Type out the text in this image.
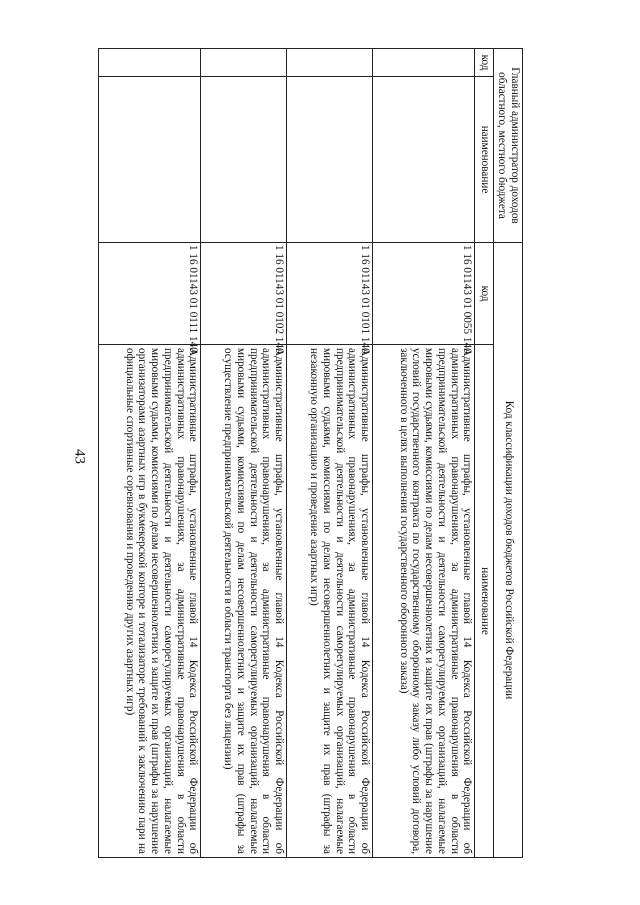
43
Главный администратор доходов областного, местного бюджета		Код классификации доходов бюджетов Российской Федерации	
код	наименование	код	наименование
		1 16 01143 01 0055 140	Административные штрафы, установленные главой 14 Кодекса Российской Федерации об административных правонарушениях, за административные правонарушения в области предпринимательской деятельности и деятельности саморегулируемых организаций, налагаемые мировыми судьями, комиссиями по делам несовершеннолетних и защите их прав (штрафы за нарушение условий государственного контракта по государственному оборонному заказу либо условий договора, заключенного в целях выполнения государственного оборонного заказа)
		1 16 01143 01 0101 140	Административные штрафы, установленные главой 14 Кодекса Российской Федерации об административных правонарушениях, за административные правонарушения в области предпринимательской деятельности и деятельности саморегулируемых организаций, налагаемые мировыми судьями, комиссиями по делам несовершеннолетних и защите их прав (штрафы за незаконную организацию и проведение азартных игр)
		1 16 01143 01 0102 140	Административные штрафы, установленные главой 14 Кодекса Российской Федерации об административных правонарушениях, за административные правонарушения в области предпринимательской деятельности и деятельности саморегулируемых организаций, налагаемые мировыми судьями, комиссиями по делам несовершеннолетних и защите их прав (штрафы за осуществление предпринимательской деятельности в области транспорта без лицензии)
		1 16 01143 01 0111 140	Административные штрафы, установленные главой 14 Кодекса Российской Федерации об административных правонарушениях, за административные правонарушения в области предпринимательской деятельности и деятельности саморегулируемых организаций, налагаемые мировыми судьями, комиссиями по делам несовершеннолетних и защите их прав (штрафы за нарушение организаторами азартных игр в букмекерской конторе и тотализаторе требований к заключению пари на официальные спортивные соревнования и проведению других азартных игр)
